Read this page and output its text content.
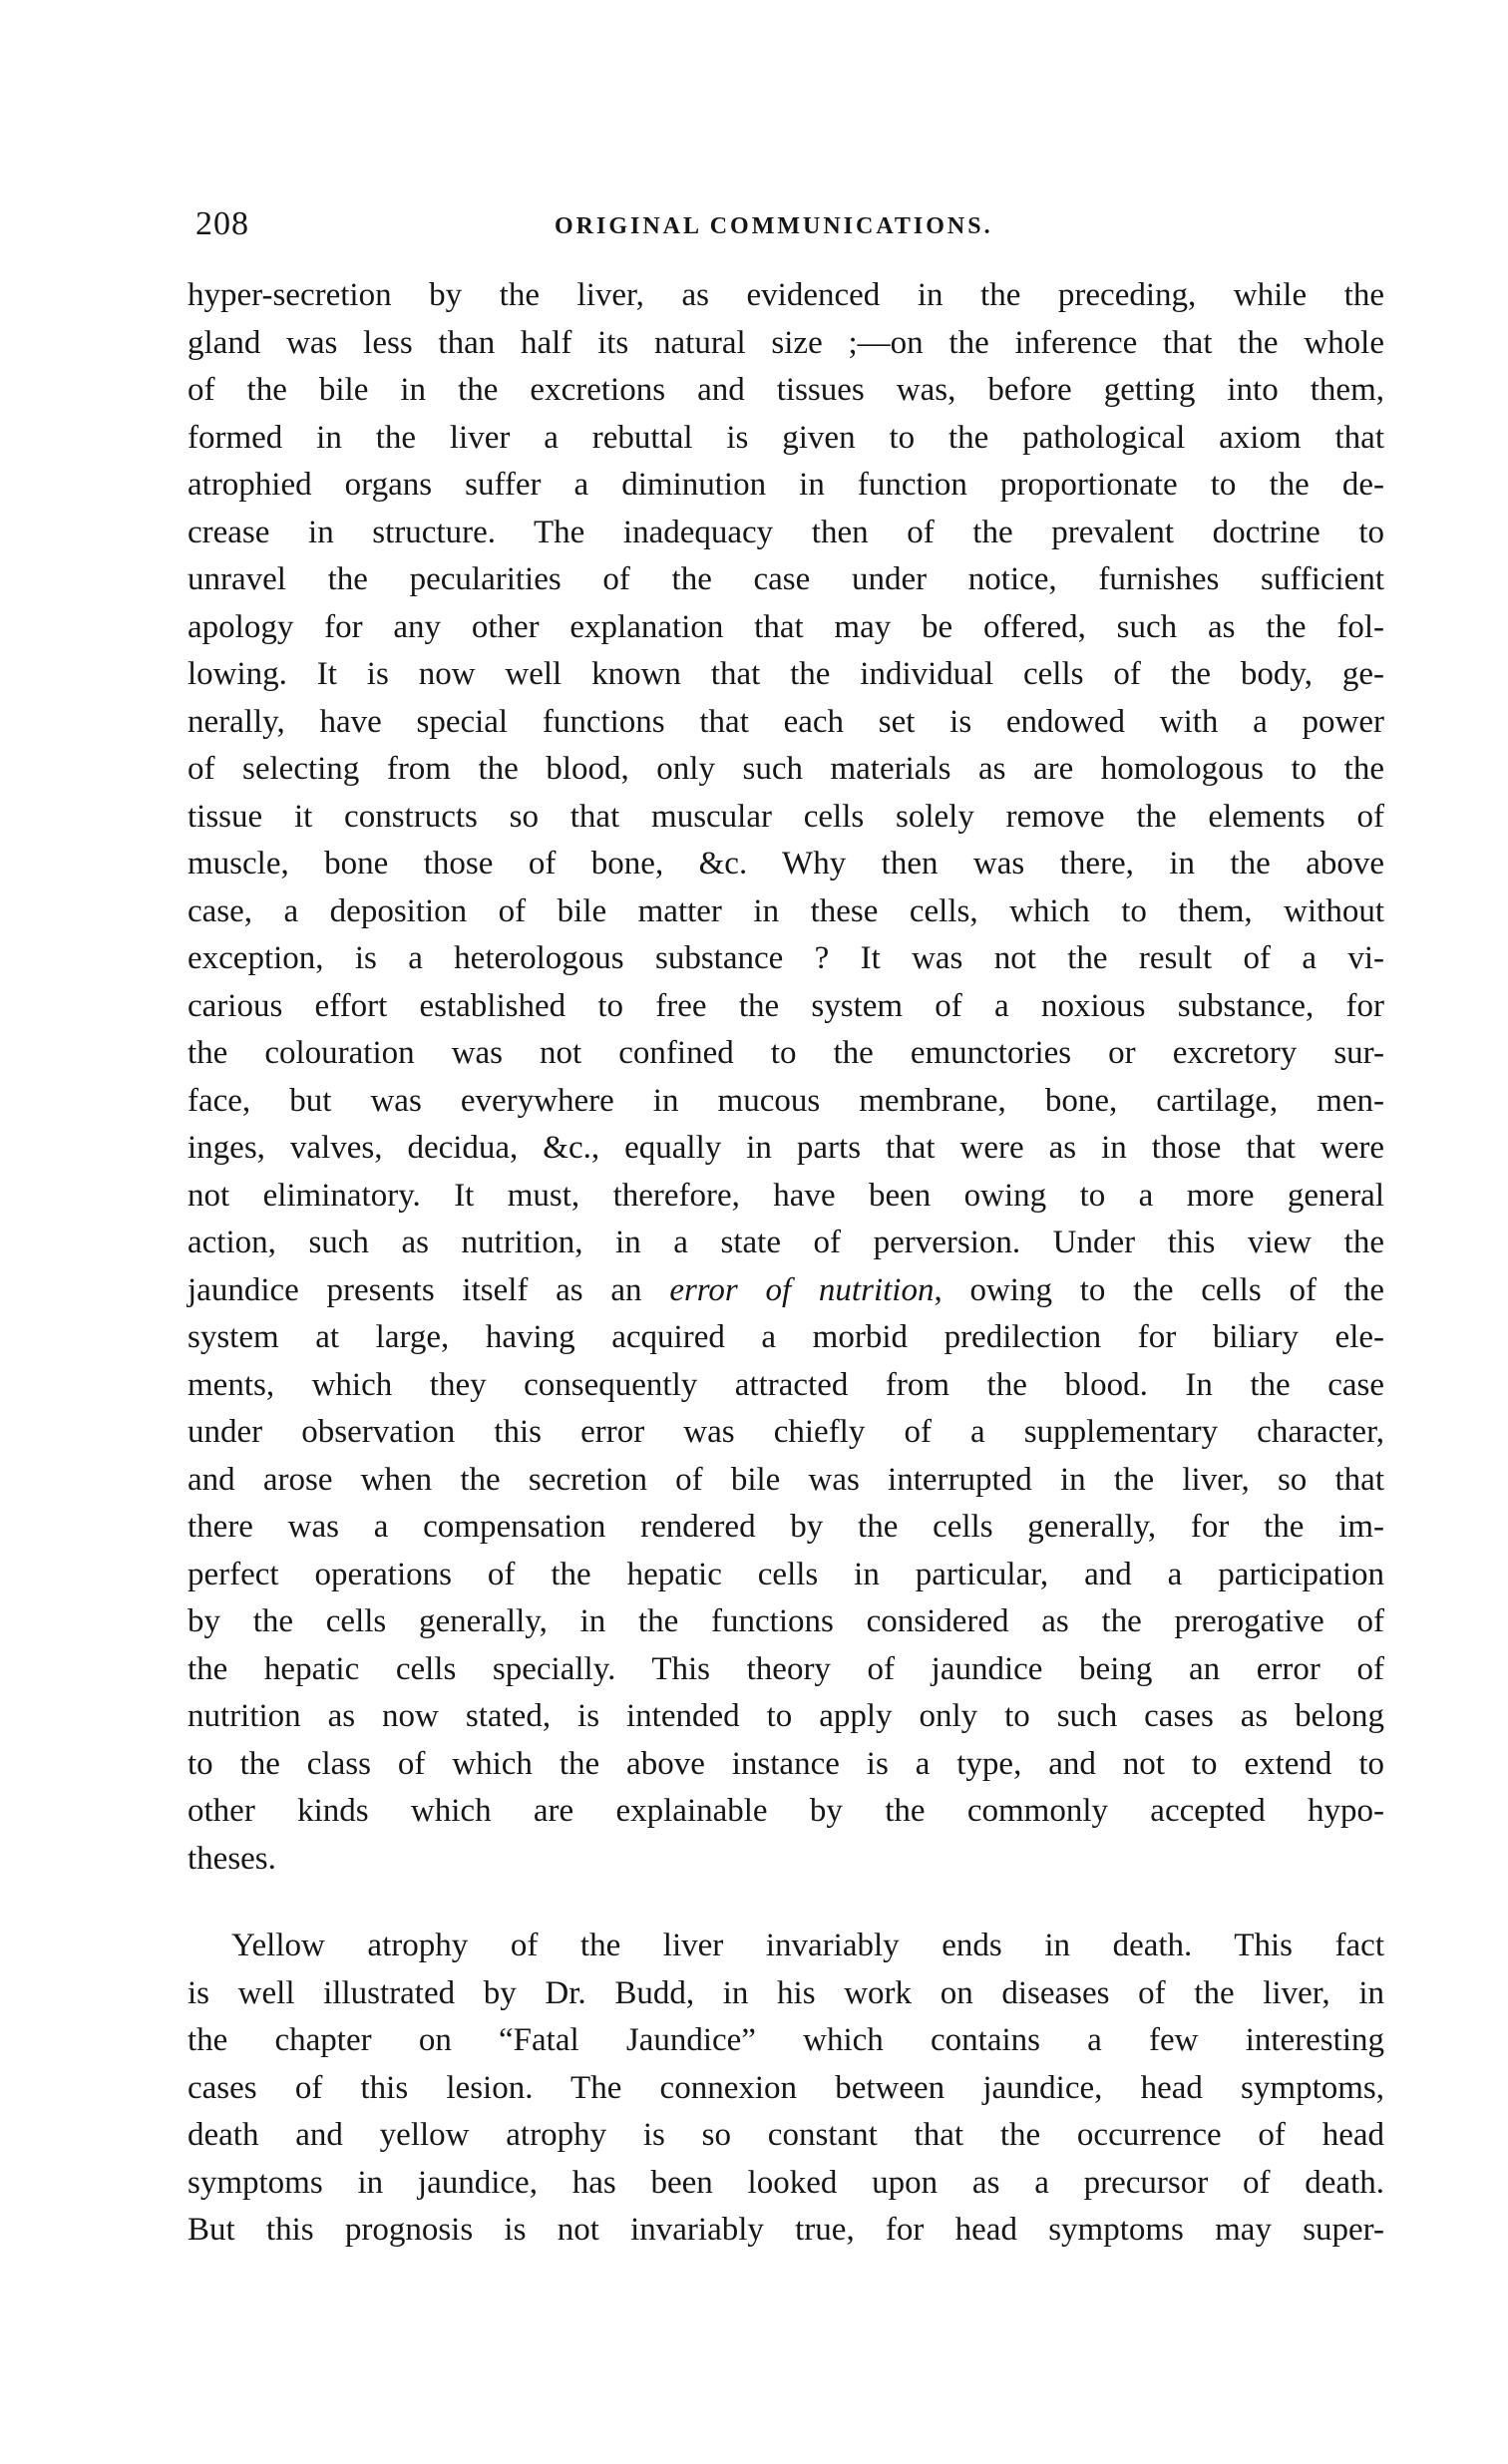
208	ORIGINAL COMMUNICATIONS.
hyper-secretion by the liver, as evidenced in the preceding, while the
gland was less than half its natural size ;—on the inference that the whole
of the bile in the excretions and tissues was, before getting into them,
formed in the liver a rebuttal is given to the pathological axiom that
atrophied organs suffer a diminution in function proportionate to the de-
crease in structure. The inadequacy then of the prevalent doctrine to
unravel the pecularities of the case under notice, furnishes sufficient
apology for any other explanation that may be offered, such as the fol-
lowing. It is now well known that the individual cells of the body, ge-
nerally, have special functions that each set is endowed with a power
of selecting from the blood, only such materials as are homologous to the
tissue it constructs so that muscular cells solely remove the elements of
muscle, bone those of bone, &c. Why then was there, in the above
case, a deposition of bile matter in these cells, which to them, without
exception, is a heterologous substance ? It was not the result of a vi-
carious effort established to free the system of a noxious substance, for
the colouration was not confined to the emunctories or excretory sur-
face, but was everywhere in mucous membrane, bone, cartilage, men-
inges, valves, decidua, &c., equally in parts that were as in those that were
not eliminatory. It must, therefore, have been owing to a more general
action, such as nutrition, in a state of perversion. Under this view the
jaundice presents itself as an error of nutrition, owing to the cells of the
system at large, having acquired a morbid predilection for biliary ele-
ments, which they consequently attracted from the blood. In the case
under observation this error was chiefly of a supplementary character,
and arose when the secretion of bile was interrupted in the liver, so that
there was a compensation rendered by the cells generally, for the im-
perfect operations of the hepatic cells in particular, and a participation
by the cells generally, in the functions considered as the prerogative of
the hepatic cells specially. This theory of jaundice being an error of
nutrition as now stated, is intended to apply only to such cases as belong
to the class of which the above instance is a type, and not to extend to
other kinds which are explainable by the commonly accepted hypo-
theses.
Yellow atrophy of the liver invariably ends in death. This fact
is well illustrated by Dr. Budd, in his work on diseases of the liver, in
the chapter on “Fatal Jaundice” which contains a few interesting
cases of this lesion. The connexion between jaundice, head symptoms,
death and yellow atrophy is so constant that the occurrence of head
symptoms in jaundice, has been looked upon as a precursor of death.
But this prognosis is not invariably true, for head symptoms may super-
